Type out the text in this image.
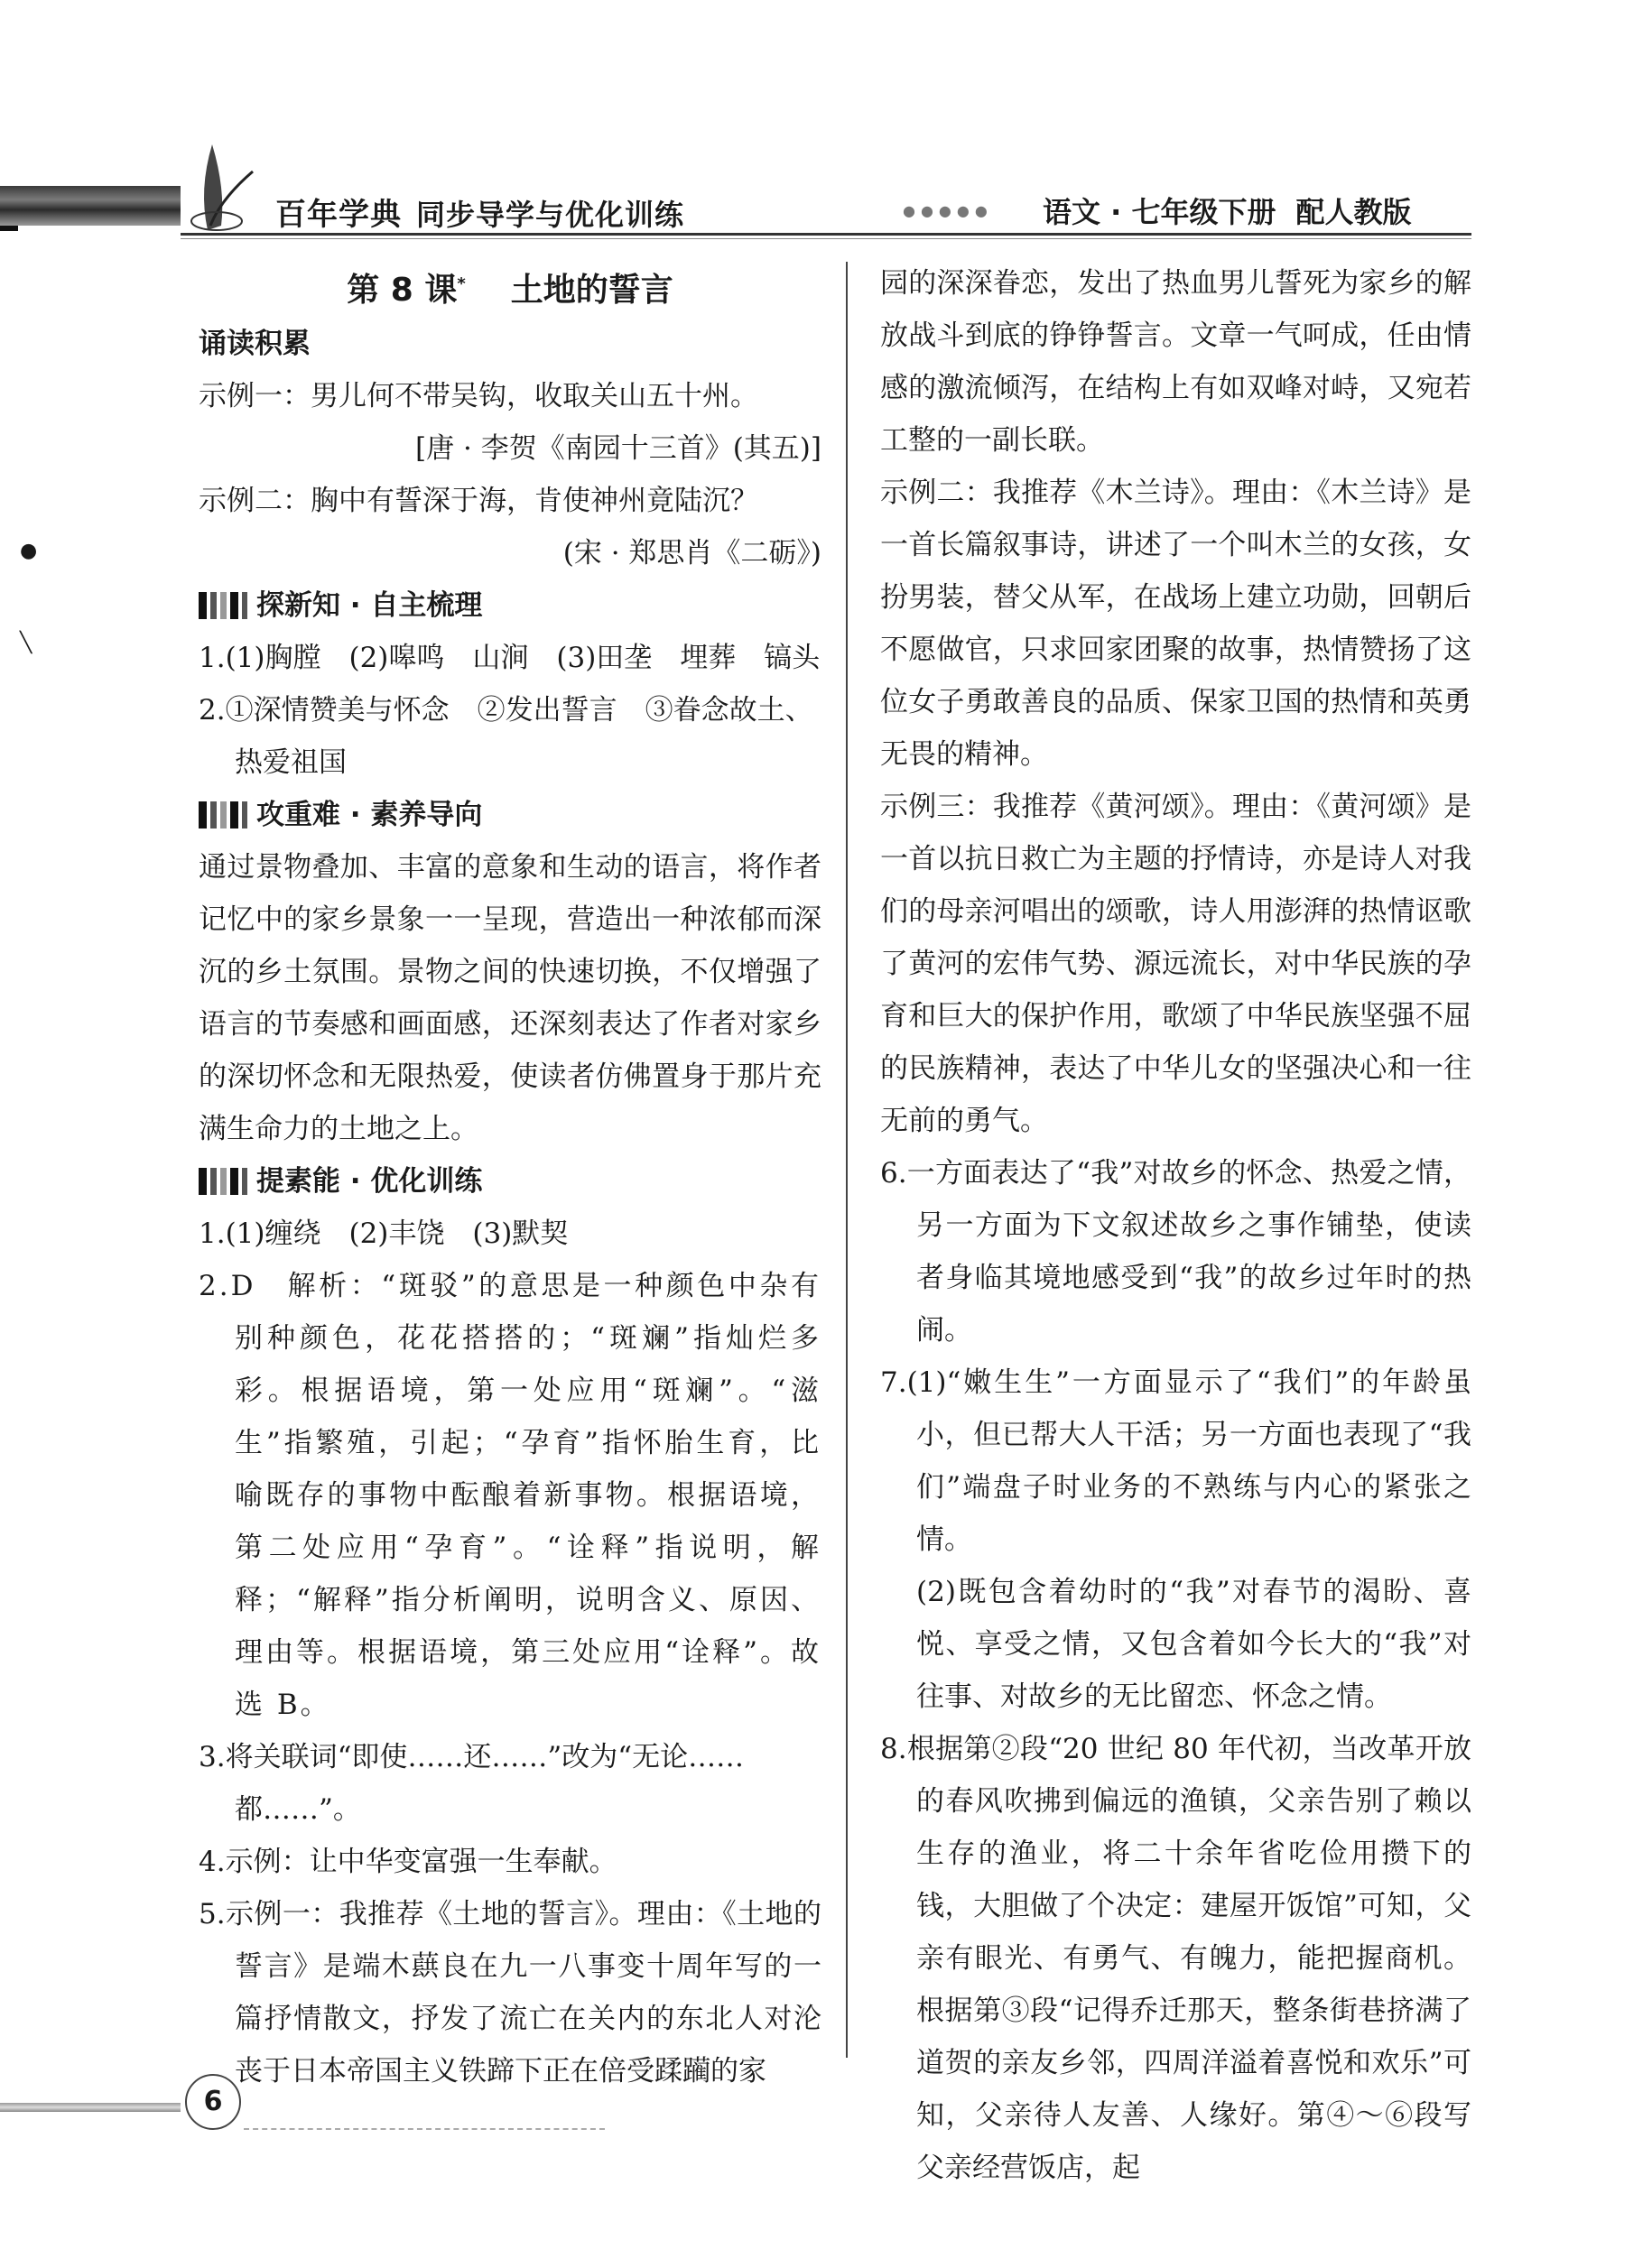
百年学典 同步导学与优化训练	●●●●● 语文 · 七年级下册 配人教版
●
╲
第 8 课* 土地的誓言

诵读积累

示例一：男儿何不带吴钩，收取关山五十州。

[唐 · 李贺《南园十三首》(其五)]

示例二：胸中有誓深于海，肯使神州竟陆沉？

(宋 · 郑思肖《二砺》)

探新知 · 自主梳理

1.(1)胸膛　(2)嗥鸣　山涧　(3)田垄　埋葬　镐头

2.①深情赞美与怀念　②发出誓言　③眷念故土、热爱祖国

攻重难 · 素养导向

通过景物叠加、丰富的意象和生动的语言，将作者记忆中的家乡景象一一呈现，营造出一种浓郁而深沉的乡土氛围。景物之间的快速切换，不仅增强了语言的节奏感和画面感，还深刻表达了作者对家乡的深切怀念和无限热爱，使读者仿佛置身于那片充满生命力的土地之上。

提素能 · 优化训练

1.(1)缠绕　(2)丰饶　(3)默契

2.D　解析：“斑驳”的意思是一种颜色中杂有别种颜色，花花搭搭的；“斑斓”指灿烂多彩。根据语境，第一处应用“斑斓”。“滋生”指繁殖，引起；“孕育”指怀胎生育，比喻既存的事物中酝酿着新事物。根据语境，第二处应用“孕育”。“诠释”指说明，解释；“解释”指分析阐明，说明含义、原因、理由等。根据语境，第三处应用“诠释”。故选 B。

3.将关联词“即使……还……”改为“无论……都……”。

4.示例：让中华变富强一生奉献。

5.示例一：我推荐《土地的誓言》。理由：《土地的誓言》是端木蕻良在九一八事变十周年写的一篇抒情散文，抒发了流亡在关内的东北人对沦丧于日本帝国主义铁蹄下正在倍受蹂躏的家

园的深深眷恋，发出了热血男儿誓死为家乡的解放战斗到底的铮铮誓言。文章一气呵成，任由情感的激流倾泻，在结构上有如双峰对峙，又宛若工整的一副长联。

示例二：我推荐《木兰诗》。理由：《木兰诗》是一首长篇叙事诗，讲述了一个叫木兰的女孩，女扮男装，替父从军，在战场上建立功勋，回朝后不愿做官，只求回家团聚的故事，热情赞扬了这位女子勇敢善良的品质、保家卫国的热情和英勇无畏的精神。

示例三：我推荐《黄河颂》。理由：《黄河颂》是一首以抗日救亡为主题的抒情诗，亦是诗人对我们的母亲河唱出的颂歌，诗人用澎湃的热情讴歌了黄河的宏伟气势、源远流长，对中华民族的孕育和巨大的保护作用，歌颂了中华民族坚强不屈的民族精神，表达了中华儿女的坚强决心和一往无前的勇气。

6.一方面表达了“我”对故乡的怀念、热爱之情，另一方面为下文叙述故乡之事作铺垫，使读者身临其境地感受到“我”的故乡过年时的热闹。

7.(1)“嫩生生”一方面显示了“我们”的年龄虽小，但已帮大人干活；另一方面也表现了“我们”端盘子时业务的不熟练与内心的紧张之情。

(2)既包含着幼时的“我”对春节的渴盼、喜悦、享受之情，又包含着如今长大的“我”对往事、对故乡的无比留恋、怀念之情。

8.根据第②段“20 世纪 80 年代初，当改革开放的春风吹拂到偏远的渔镇，父亲告别了赖以生存的渔业，将二十余年省吃俭用攒下的钱，大胆做了个决定：建屋开饭馆”可知，父亲有眼光、有勇气、有魄力，能把握商机。根据第③段“记得乔迁那天，整条街巷挤满了道贺的亲友乡邻，四周洋溢着喜悦和欢乐”可知，父亲待人友善、人缘好。第④～⑥段写父亲经营饭店，起

6
